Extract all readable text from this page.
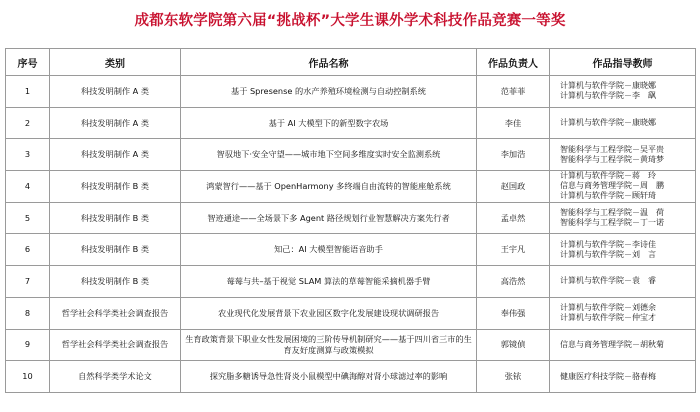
成都东软学院第六届“挑战杯”大学生课外学术科技作品竞赛一等奖
序号	类别	作品名称	作品负责人	作品指导教师
1	科技发明制作 A 类	基于 Spresense 的水产养殖环境检测与自动控制系统	范菲菲	计算机与软件学院－康晓娜
计算机与软件学院－李　飖

2	科技发明制作 A 类	基于 AI 大模型下的新型数字农场	李佳	计算机与软件学院－康晓娜

3	科技发明制作 A 类	智驭地下·安全守望——城市地下空间多维度实时安全监测系统	李加浩	智能科学与工程学院－吴平贵
智能科学与工程学院－黄琦梦

4	科技发明制作 B 类	鸿蒙智行——基于 OpenHarmony 多终端自由流转的智能座舱系统	赵国政	计算机与软件学院－蒋　玲
信息与商务管理学院－周　鹏
计算机与软件学院－顾轩琦

5	科技发明制作 B 类	智迹通途——全场景下多 Agent 路径规划行业智慧解决方案先行者	孟卓然	智能科学与工程学院－温　荷
智能科学与工程学院－丁一诺

6	科技发明制作 B 类	知己：AI 大模型智能语音助手	王宇凡	计算机与软件学院－李诗佳
计算机与软件学院－刘　言

7	科技发明制作 B 类	莓莓与共–基于视觉 SLAM 算法的草莓智能采摘机器手臂	高浩然	计算机与软件学院－袁　睿

8	哲学社会科学类社会调查报告	农业现代化发展背景下农业园区数字化发展建设现状调研报告	奉伟强	计算机与软件学院－刘德余
计算机与软件学院－仲宝才

9	哲学社会科学类社会调查报告	生育政策背景下职业女性发展困境的三阶传导机制研究——基于四川省三市的生育友好度测算与政策模拟	郭镜偵	信息与商务管理学院－胡秋菊

10	自然科学类学术论文	探究脂多糖诱导急性肾炎小鼠模型中碘海醇对肾小球滤过率的影响	张铱	健康医疗科技学院－骆春梅
